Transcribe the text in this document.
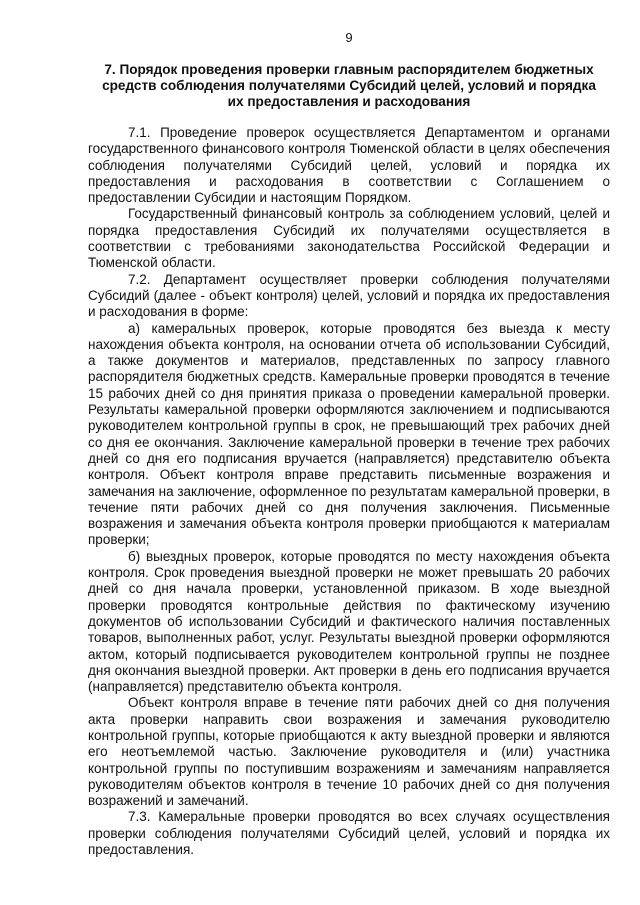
9
7. Порядок проведения проверки главным распорядителем бюджетных
средств соблюдения получателями Субсидий целей, условий и порядка
их предоставления и расходования

7.1. Проведение проверок осуществляется Департаментом и органами государственного финансового контроля Тюменской области в целях обеспечения соблюдения получателями Субсидий целей, условий и порядка их предоставления и расходования в соответствии с Соглашением о предоставлении Субсидии и настоящим Порядком.

Государственный финансовый контроль за соблюдением условий, целей и порядка предоставления Субсидий их получателями осуществляется в соответствии с требованиями законодательства Российской Федерации и Тюменской области.

7.2. Департамент осуществляет проверки соблюдения получателями Субсидий (далее - объект контроля) целей, условий и порядка их предоставления и расходования в форме:

а) камеральных проверок, которые проводятся без выезда к месту нахождения объекта контроля, на основании отчета об использовании Субсидий, а также документов и материалов, представленных по запросу главного распорядителя бюджетных средств. Камеральные проверки проводятся в течение 15 рабочих дней со дня принятия приказа о проведении камеральной проверки. Результаты камеральной проверки оформляются заключением и подписываются руководителем контрольной группы в срок, не превышающий трех рабочих дней со дня ее окончания. Заключение камеральной проверки в течение трех рабочих дней со дня его подписания вручается (направляется) представителю объекта контроля. Объект контроля вправе представить письменные возражения и замечания на заключение, оформленное по результатам камеральной проверки, в течение пяти рабочих дней со дня получения заключения. Письменные возражения и замечания объекта контроля проверки приобщаются к материалам проверки;

б) выездных проверок, которые проводятся по месту нахождения объекта контроля. Срок проведения выездной проверки не может превышать 20 рабочих дней со дня начала проверки, установленной приказом. В ходе выездной проверки проводятся контрольные действия по фактическому изучению документов об использовании Субсидий и фактического наличия поставленных товаров, выполненных работ, услуг. Результаты выездной проверки оформляются актом, который подписывается руководителем контрольной группы не позднее дня окончания выездной проверки. Акт проверки в день его подписания вручается (направляется) представителю объекта контроля.

Объект контроля вправе в течение пяти рабочих дней со дня получения акта проверки направить свои возражения и замечания руководителю контрольной группы, которые приобщаются к акту выездной проверки и являются его неотъемлемой частью. Заключение руководителя и (или) участника контрольной группы по поступившим возражениям и замечаниям направляется руководителям объектов контроля в течение 10 рабочих дней со дня получения возражений и замечаний.

7.3. Камеральные проверки проводятся во всех случаях осуществления проверки соблюдения получателями Субсидий целей, условий и порядка их предоставления.
